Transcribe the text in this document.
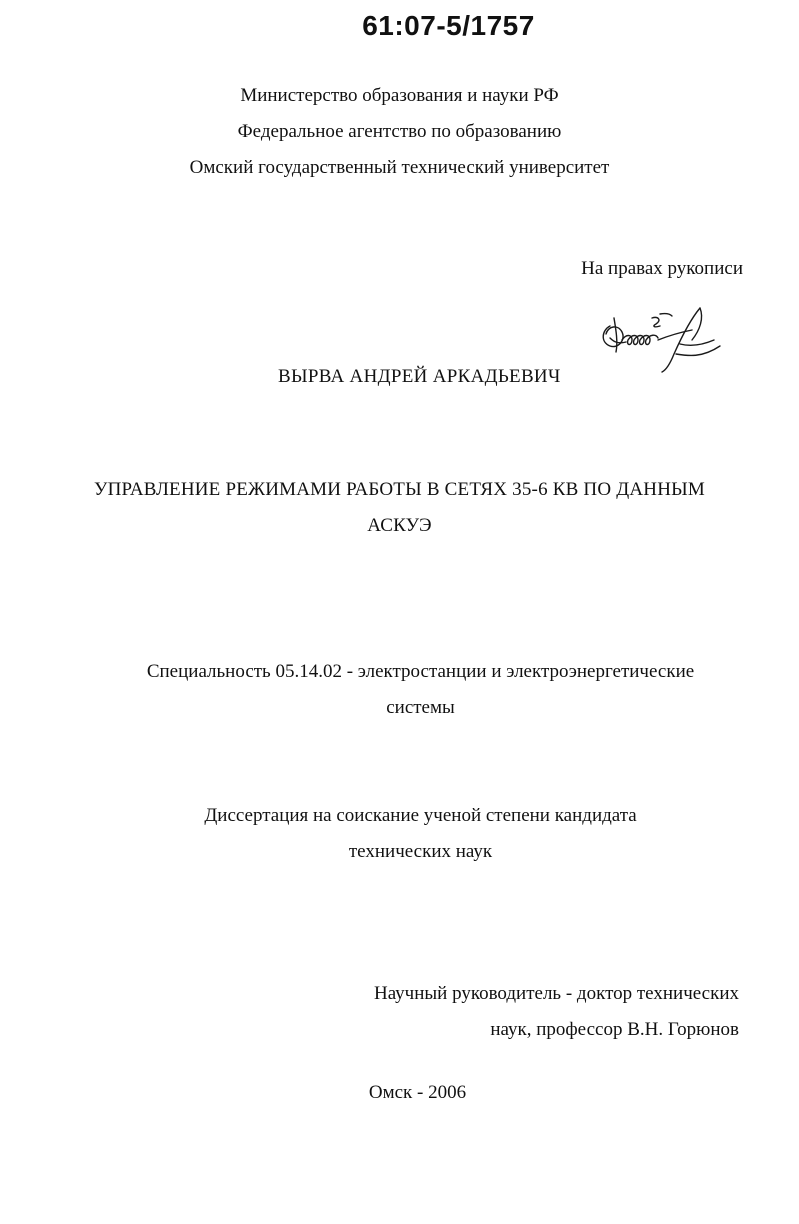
61:07-5/1757
Министерство образования и науки РФ
Федеральное агентство по образованию
Омский государственный технический университет
На правах рукописи
ВЫРВА АНДРЕЙ АРКАДЬЕВИЧ
УПРАВЛЕНИЕ РЕЖИМАМИ РАБОТЫ В СЕТЯХ 35-6 КВ ПО ДАННЫМ
АСКУЭ
Специальность 05.14.02 - электростанции и электроэнергетические
системы
Диссертация на соискание ученой степени кандидата
технических наук
Научный руководитель - доктор технических
наук, профессор В.Н. Горюнов
Омск - 2006
